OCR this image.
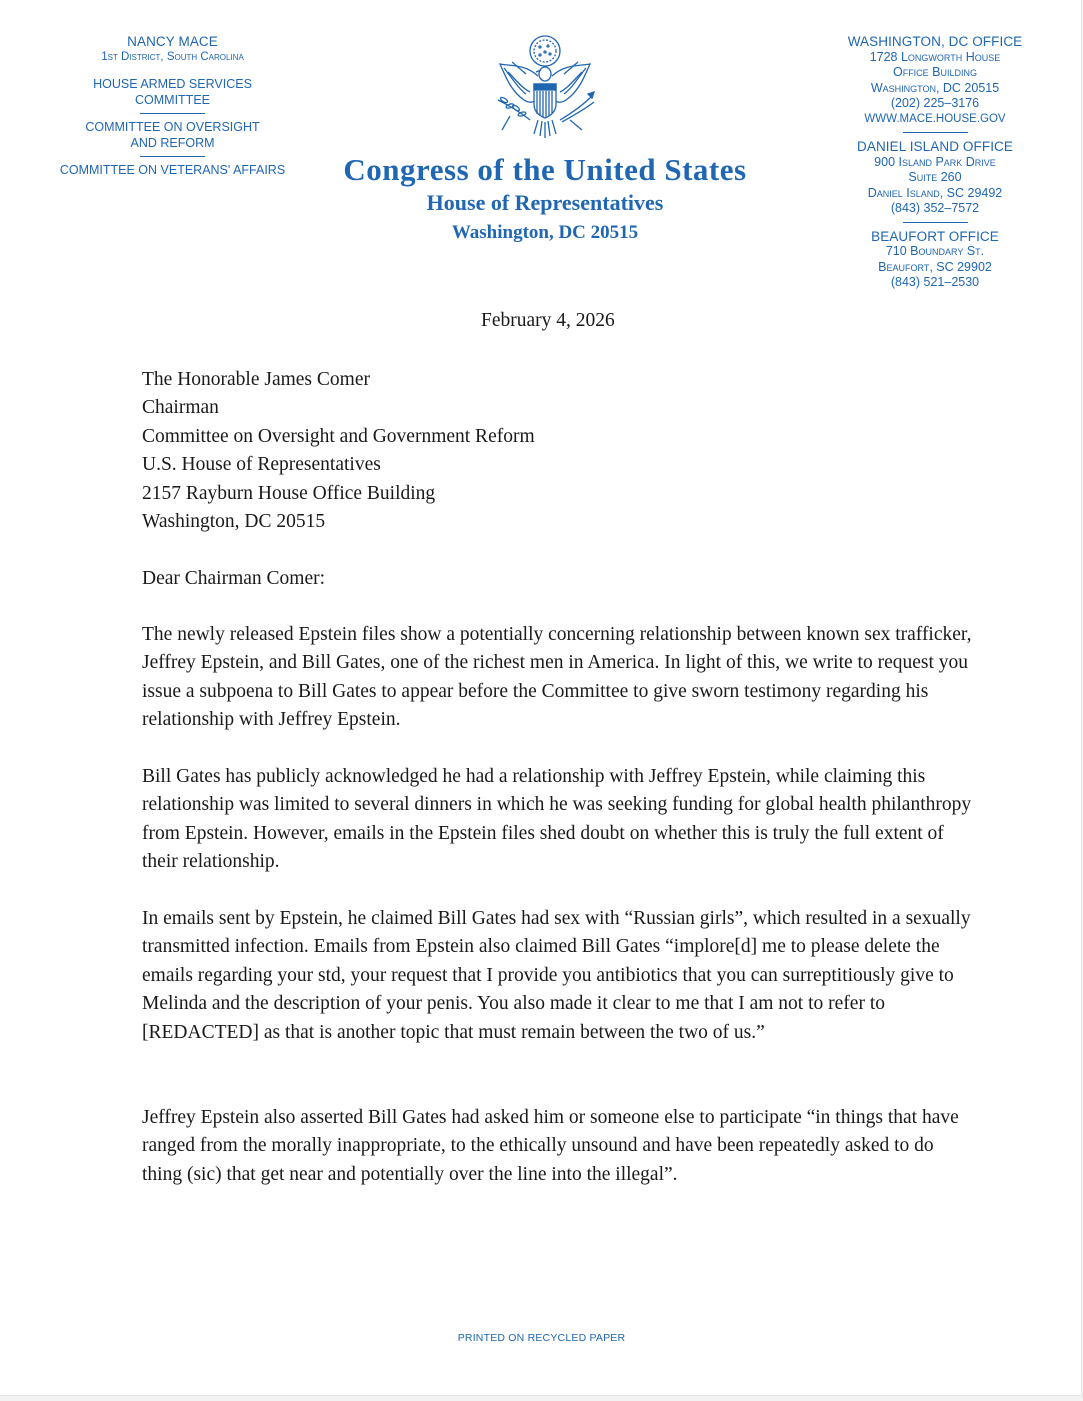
NANCY MACE
1st District, South Carolina
HOUSE ARMED SERVICES
COMMITTEE
COMMITTEE ON OVERSIGHT
AND REFORM
COMMITTEE ON VETERANS' AFFAIRS	Congress of the United States
House of Representatives
Washington, DC 20515
WASHINGTON, DC OFFICE
1728 Longworth House
Office Building
Washington, DC 20515
(202) 225–3176
WWW.MACE.HOUSE.GOV
DANIEL ISLAND OFFICE
900 Island Park Drive
Suite 260
Daniel Island, SC 29492
(843) 352–7572
BEAUFORT OFFICE
710 Boundary St.
Beaufort, SC 29902
(843) 521–2530
February 4, 2026
The Honorable James Comer
Chairman
Committee on Oversight and Government Reform
U.S. House of Representatives
2157 Rayburn House Office Building
Washington, DC 20515
Dear Chairman Comer:

The newly released Epstein files show a potentially concerning relationship between known sex trafficker, Jeffrey Epstein, and Bill Gates, one of the richest men in America. In light of this, we write to request you issue a subpoena to Bill Gates to appear before the Committee to give sworn testimony regarding his relationship with Jeffrey Epstein.

Bill Gates has publicly acknowledged he had a relationship with Jeffrey Epstein, while claiming this relationship was limited to several dinners in which he was seeking funding for global health philanthropy from Epstein. However, emails in the Epstein files shed doubt on whether this is truly the full extent of their relationship.

In emails sent by Epstein, he claimed Bill Gates had sex with “Russian girls”, which resulted in a sexually transmitted infection. Emails from Epstein also claimed Bill Gates “implore[d] me to please delete the emails regarding your std, your request that I provide you antibiotics that you can surreptitiously give to Melinda and the description of your penis. You also made it clear to me that I am not to refer to [REDACTED] as that is another topic that must remain between the two of us.”

Jeffrey Epstein also asserted Bill Gates had asked him or someone else to participate “in things that have ranged from the morally inappropriate, to the ethically unsound and have been repeatedly asked to do thing (sic) that get near and potentially over the line into the illegal”.

PRINTED ON RECYCLED PAPER
